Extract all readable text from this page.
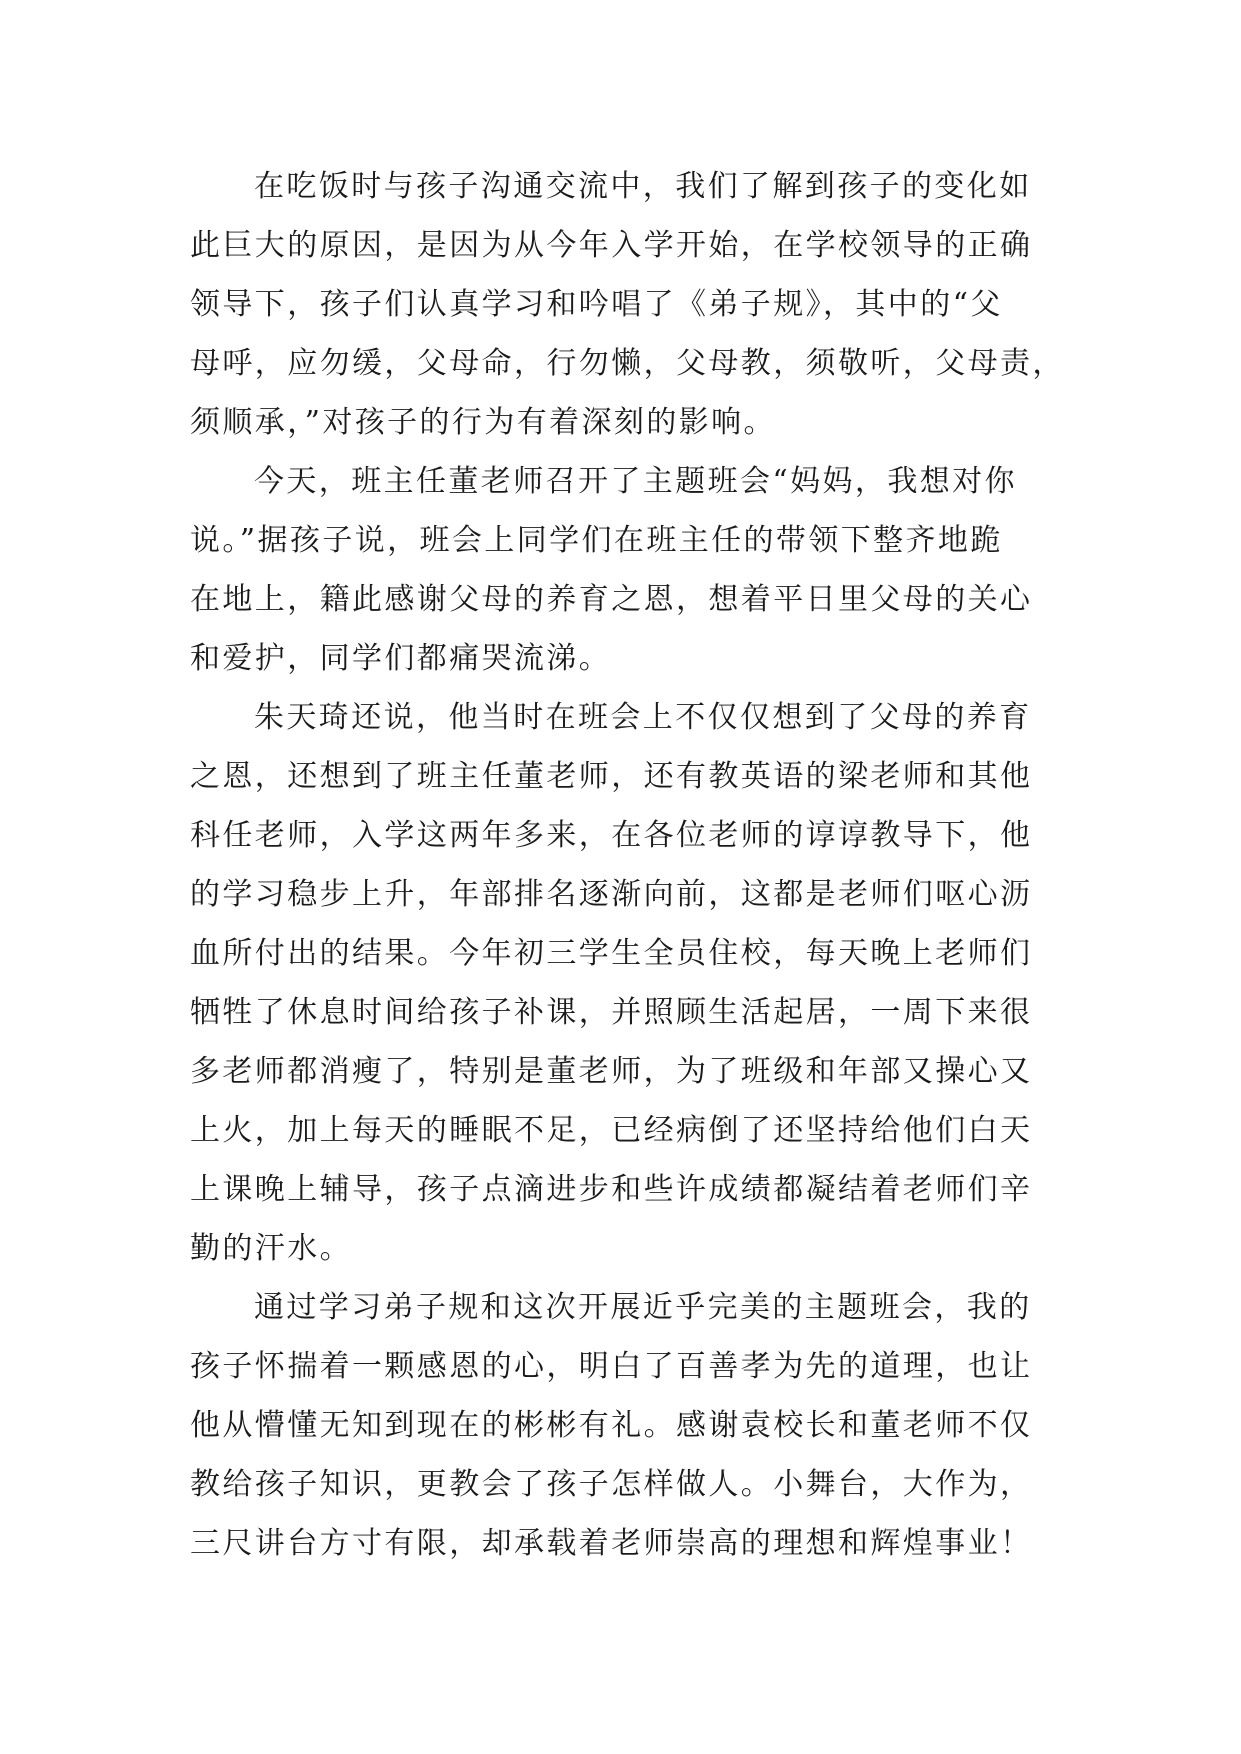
在吃饭时与孩子沟通交流中，我们了解到孩子的变化如
此巨大的原因，是因为从今年入学开始，在学校领导的正确
领导下，孩子们认真学习和吟唱了《弟子规》，其中的“父
母呼，应勿缓，父母命，行勿懒，父母教，须敬听，父母责，
须顺承，”对孩子的行为有着深刻的影响。
今天，班主任董老师召开了主题班会“妈妈，我想对你
说。”据孩子说，班会上同学们在班主任的带领下整齐地跪
在地上，籍此感谢父母的养育之恩，想着平日里父母的关心
和爱护，同学们都痛哭流涕。
朱天琦还说，他当时在班会上不仅仅想到了父母的养育
之恩，还想到了班主任董老师，还有教英语的梁老师和其他
科任老师，入学这两年多来，在各位老师的谆谆教导下，他
的学习稳步上升，年部排名逐渐向前，这都是老师们呕心沥
血所付出的结果。今年初三学生全员住校，每天晚上老师们
牺牲了休息时间给孩子补课，并照顾生活起居，一周下来很
多老师都消瘦了，特别是董老师，为了班级和年部又操心又
上火，加上每天的睡眠不足，已经病倒了还坚持给他们白天
上课晚上辅导，孩子点滴进步和些许成绩都凝结着老师们辛
勤的汗水。
通过学习弟子规和这次开展近乎完美的主题班会，我的
孩子怀揣着一颗感恩的心，明白了百善孝为先的道理，也让
他从懵懂无知到现在的彬彬有礼。感谢袁校长和董老师不仅
教给孩子知识，更教会了孩子怎样做人。小舞台，大作为，
三尺讲台方寸有限，却承载着老师崇高的理想和辉煌事业！
